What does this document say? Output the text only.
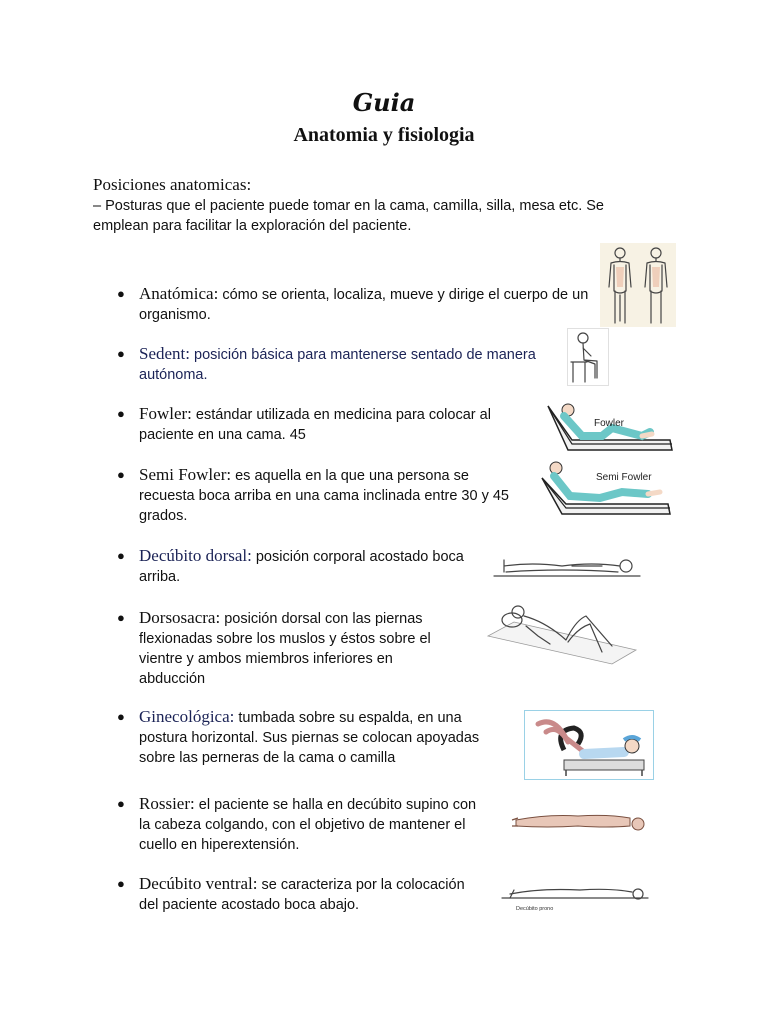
Guia
Anatomia y fisiologia
Posiciones anatomicas:
– Posturas que el paciente puede tomar en la cama, camilla, silla, mesa etc. Se emplean para facilitar la exploración del paciente.
● Anatómica: cómo se orienta, localiza, mueve y dirige el cuerpo de un organismo.
● Sedent: posición básica para mantenerse sentado de manera autónoma.
● Fowler: estándar utilizada en medicina para colocar al paciente en una cama. 45
Fowler
● Semi Fowler: es aquella en la que una persona se recuesta boca arriba en una cama inclinada entre 30 y 45 grados.
Semi Fowler
● Decúbito dorsal: posición corporal acostado boca arriba.
● Dorsosacra: posición dorsal con las piernas flexionadas sobre los muslos y éstos sobre el vientre y ambos miembros inferiores en abducción
● Ginecológica: tumbada sobre su espalda, en una postura horizontal. Sus piernas se colocan apoyadas sobre las perneras de la cama o camilla
● Rossier: el paciente se halla en decúbito supino con la cabeza colgando, con el objetivo de mantener el cuello en hiperextensión.
● Decúbito ventral: se caracteriza por la colocación del paciente acostado boca abajo.	Decúbito prono
